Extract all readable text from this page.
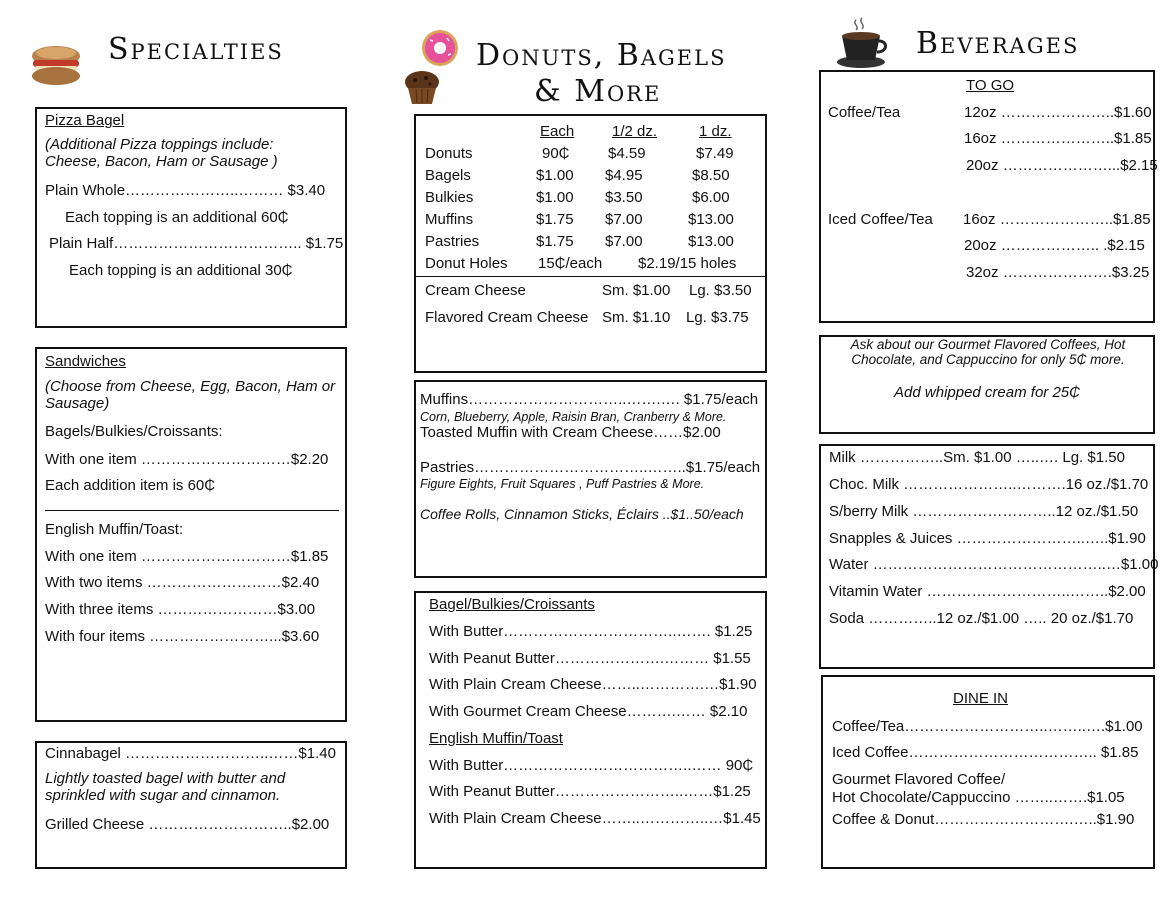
Specialties	Donuts, Bagels
& More
Beverages
Pizza Bagel
(Additional Pizza toppings include: Cheese, Bacon, Ham or Sausage )
Plain Whole…………………..……… $3.40
Each topping is an additional 60₵
Plain Half……………………………….. $1.75
Each topping is an additional 30₵
Sandwiches
(Choose from Cheese, Egg, Bacon, Ham or Sausage)
Bagels/Bulkies/Croissants:
With one item …………………………$2.20
Each addition item is 60₵
English Muffin/Toast:
With one item …………………………$1.85
With two items ………………………$2.40
With three items ……………………$3.00
With four items ……………………...$3.60
Cinnabagel ………………………..……$1.40
Lightly toasted bagel with butter and sprinkled with sugar and cinnamon.
Grilled Cheese ………………………..$2.00
Each	1/2 dz.	1 dz.
Donuts	90₵	$4.59	$7.49
Bagels	$1.00 $4.95	$8.50
Bulkies	$1.00 $3.50	$6.00
Muffins	$1.75 $7.00	$13.00
Pastries	$1.75 $7.00	$13.00
Donut Holes 15₵/each $2.19/15 holes
Cream Cheese	Sm. $1.00 Lg. $3.50
Flavored Cream Cheese Sm. $1.10 Lg. $3.75
Muffins…………………………..…….…. $1.75/each
Corn, Blueberry, Apple, Raisin Bran, Cranberry & More.
Toasted Muffin with Cream Cheese……$2.00
Pastries……………………………..……..$1.75/each
Figure Eights, Fruit Squares , Puff Pastries & More.
Coffee Rolls, Cinnamon Sticks, Éclairs ..$1..50/each
Bagel/Bulkies/Croissants
With Butter……………………………..……. $1.25
With Peanut Butter………………….……… $1.55
With Plain Cream Cheese……..………….…$1.90
With Gourmet Cream Cheese……….…… $2.10
English Muffin/Toast
With Butter………………………………..…… 90₵
With Peanut Butter……………………..……$1.25
With Plain Cream Cheese……..…………..…$1.45
TO GO
Coffee/Tea	12oz …………………..$1.60
16oz …………………..$1.85
20oz …………………...$2.15
Iced Coffee/Tea 16oz …………………..$1.85
20oz ……………….. .$2.15
32oz ………………….$3.25
Ask about our Gourmet Flavored Coffees, Hot Chocolate, and Cappuccino for only 5₵ more.
Add whipped cream for 25₵
Milk ……………..Sm. $1.00 …..…. Lg. $1.50
Choc. Milk …………………..……….16 oz./$1.70
S/berry Milk ………………………..12 oz./$1.50
Snapples & Juices ……………………..…..$1.90
Water ………………………………………..…$1.00
Vitamin Water ………………………..……..$2.00
Soda …………..12 oz./$1.00 ….. 20 oz./$1.70
DINE IN
Coffee/Tea………………………..……..….$1.00
Iced Coffee……………………………….. $1.85
Gourmet Flavored Coffee/
Hot Chocolate/Cappuccino ……..…….$1.05
Coffee & Donut……………………….…..$1.90
